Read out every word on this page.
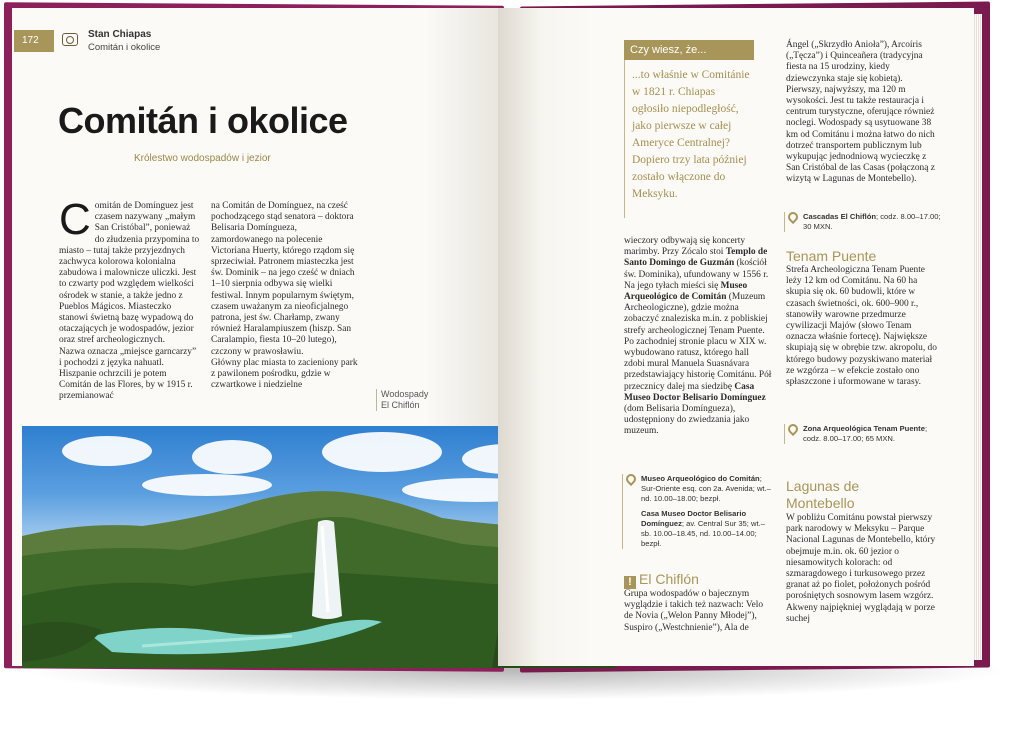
172
Stan Chiapas
Comitán i okolice
Comitán i okolice
Królestwo wodospadów i jezior

Comitán de Domínguez jest czasem nazywany „małym San Cristóbal”, ponieważ do złudzenia przypomina to miasto – tutaj także przyjezdnych zachwyca kolorowa kolonialna zabudowa i malownicze uliczki. Jest to czwarty pod względem wielkości ośrodek w stanie, a także jedno z Pueblos Mágicos. Miasteczko stanowi świetną bazę wypadową do otaczających je wodospadów, jezior oraz stref archeologicznych.

Nazwa oznacza „miejsce garncarzy” i pochodzi z języka nahuatl. Hiszpanie ochrzcili je potem Comitán de las Flores, by w 1915 r. przemianować

na Comitán de Domínguez, na cześć pochodzącego stąd senatora – doktora Belisaria Domíngueza, zamordowanego na polecenie Victoriana Huerty, którego rządom się sprzeciwiał. Patronem miasteczka jest św. Dominik – na jego cześć w dniach 1–10 sierpnia odbywa się wielki festiwal. Innym popularnym świętym, czasem uważanym za nieoficjalnego patrona, jest św. Charłamp, zwany również Haralampiuszem (hiszp. San Caralampio, fiesta 10–20 lutego), czczony w prawosławiu.

Główny plac miasta to zacieniony park z pawilonem pośrodku, gdzie w czwartkowe i niedzielne

Wodospady
El Chiflón
Czy wiesz, że...
...to właśnie w Comitánie w 1821 r. Chiapas ogłosiło niepodległość, jako pierwsze w całej Ameryce Centralnej? Dopiero trzy lata później zostało włączone do Meksyku.

wieczory odbywają się koncerty marimby. Przy Zócalo stoi Templo de Santo Domingo de Guzmán (kościół św. Dominika), ufundowany w 1556 r. Na jego tyłach mieści się Museo Arqueológico de Comitán (Muzeum Archeologiczne), gdzie można zobaczyć znaleziska m.in. z pobliskiej strefy archeologicznej Tenam Puente. Po zachodniej stronie placu w XIX w. wybudowano ratusz, którego hall zdobi mural Manuela Suasnávara przedstawiający historię Comitánu. Pół przecznicy dalej ma siedzibę Casa Museo Doctor Belisario Domínguez (dom Belisaria Domíngueza), udostępniony do zwiedzania jako muzeum.

Museo Arqueológico do Comitán; Sur-Oriente esq. con 2a. Avenida; wt.–nd. 10.00–18.00; bezpł.

Casa Museo Doctor Belisario Domínguez; av. Central Sur 35; wt.–sb. 10.00–18.45, nd. 10.00–14.00; bezpł.

! El Chiflón
Grupa wodospadów o bajecznym wyglądzie i takich też nazwach: Velo de Novia („Welon Panny Młodej”), Suspiro („Westchnienie”), Ala de
Ángel („Skrzydło Anioła”), Arcoíris („Tęcza”) i Quinceañera (tradycyjna fiesta na 15 urodziny, kiedy dziewczynka staje się kobietą). Pierwszy, najwyższy, ma 120 m wysokości. Jest tu także restauracja i centrum turystyczne, oferujące również noclegi. Wodospady są usytuowane 38 km od Comitánu i można łatwo do nich dotrzeć transportem publicznym lub wykupując jednodniową wycieczkę z San Cristóbal de las Casas (połączoną z wizytą w Lagunas de Montebello).

Cascadas El Chiflón; codz. 8.00–17.00; 30 MXN.

Tenam Puente
Strefa Archeologiczna Tenam Puente leży 12 km od Comitánu. Na 60 ha skupia się ok. 60 budowli, które w czasach świetności, ok. 600–900 r., stanowiły warowne przedmurze cywilizacji Majów (słowo Tenam oznacza właśnie fortecę). Największe skupiają się w obrębie tzw. akropolu, do którego budowy pozyskiwano materiał ze wzgórza – w efekcie zostało ono spłaszczone i uformowane w tarasy.

Zona Arqueológica Tenam Puente; codz. 8.00–17.00; 65 MXN.

Lagunas de Montebello
W pobliżu Comitánu powstał pierwszy park narodowy w Meksyku – Parque Nacional Lagunas de Montebello, który obejmuje m.in. ok. 60 jezior o niesamowitych kolorach: od szmaragdowego i turkusowego przez granat aż po fiolet, położonych pośród porośniętych sosnowym lasem wzgórz. Akweny najpiękniej wyglądają w porze suchej
